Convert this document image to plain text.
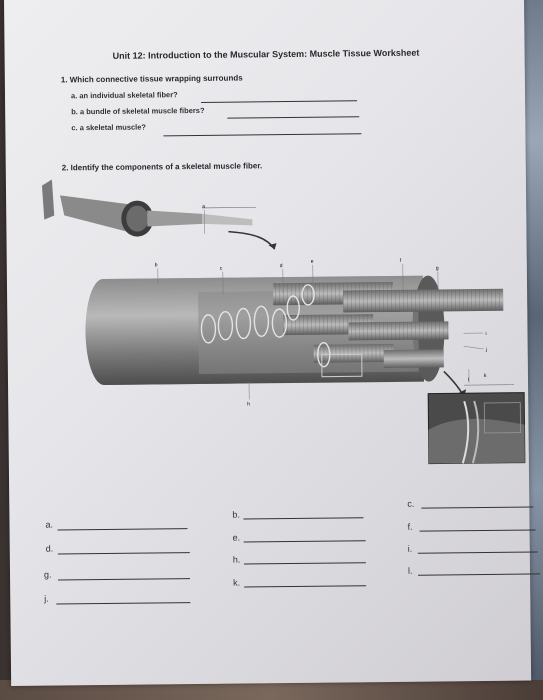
Unit 12: Introduction to the Muscular System: Muscle Tissue Worksheet
1. Which connective tissue wrapping surrounds
a. an individual skeletal fiber?
b. a bundle of skeletal muscle fibers?
c. a skeletal muscle?
2. Identify the components of a skeletal muscle fiber.
a
b
c	d
e	f
g
i
j
k
l
h
b.
c.
a.
e.
f.
d.
h.
i.
g.
k.
l.
j.
